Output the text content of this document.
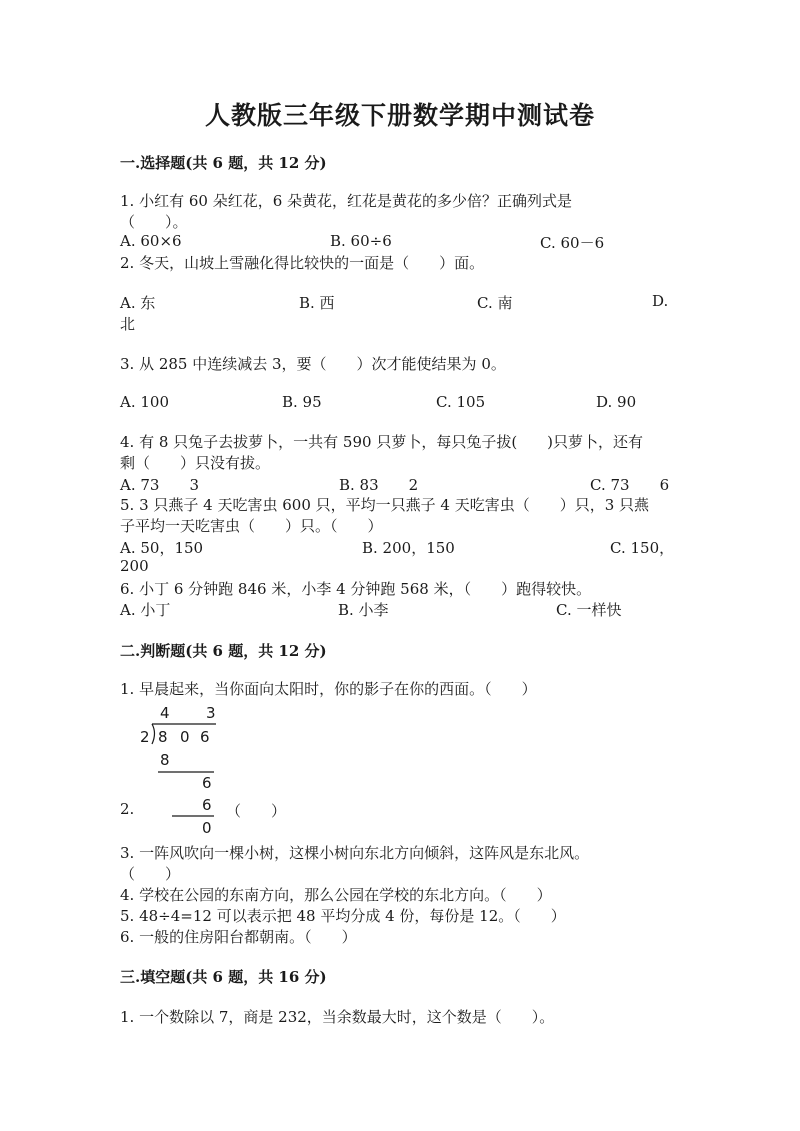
人教版三年级下册数学期中测试卷
一.选择题(共 6 题，共 12 分)
1. 小红有 60 朵红花，6 朵黄花，红花是黄花的多少倍？正确列式是
（　　）。
A. 60×6	B. 60÷6	C. 60－6
2. 冬天，山坡上雪融化得比较快的一面是（　　）面。
A. 东	B. 西	C. 南	D.
北
3. 从 285 中连续减去 3，要（　　）次才能使结果为 0。
A. 100	B. 95	C. 105	D. 90
4. 有 8 只兔子去拔萝卜，一共有 590 只萝卜，每只兔子拔(　　)只萝卜，还有
剩（　　）只没有拔。
A. 73　　3	B. 83　　2	C. 73　　6
5. 3 只燕子 4 天吃害虫 600 只，平均一只燕子 4 天吃害虫（　　）只，3 只燕
子平均一天吃害虫（　　）只。（　　）
A. 50，150	B. 200，150	C. 150，
200
6. 小丁 6 分钟跑 846 米，小李 4 分钟跑 568 米，（　　）跑得较快。
A. 小丁	B. 小李	C. 一样快
二.判断题(共 6 题，共 12 分)
1. 早晨起来，当你面向太阳时，你的影子在你的西面。（　　）
4 3
2 8 0 6
8
6
6
0
2.	（　　）
3. 一阵风吹向一棵小树，这棵小树向东北方向倾斜，这阵风是东北风。
（　　）
4. 学校在公园的东南方向，那么公园在学校的东北方向。（　　）
5. 48÷4=12 可以表示把 48 平均分成 4 份，每份是 12。（　　）
6. 一般的住房阳台都朝南。（　　）
三.填空题(共 6 题，共 16 分)
1. 一个数除以 7，商是 232，当余数最大时，这个数是（　　）。
